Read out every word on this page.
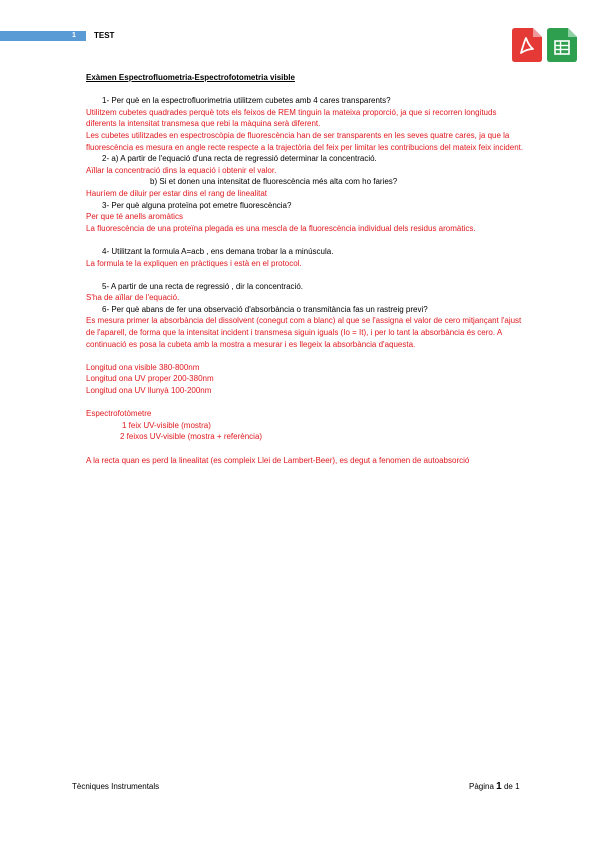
1 TEST

Exàmen Espectrofluometria-Espectrofotometria visible

1- Per què en la espectrofluorimetria utilitzem cubetes amb 4 cares transparents?

Utilitzem cubetes quadrades perquè tots els feixos de REM tinguin la mateixa proporció, ja que si recorren longituds diferents la intensitat transmesa que rebi la màquina serà diferent.

Les cubetes utilitzades en espectroscòpia de fluorescència han de ser transparents en les seves quatre cares, ja que la fluorescència es mesura en angle recte respecte a la trajectòria del feix per limitar les contribucions del mateix feix incident.

2- a) A partir de l'equació d'una recta de regressió determinar la concentració.

Aïllar la concentració dins la equació i obtenir el valor.

b) Si et donen una intensitat de fluorescència més alta com ho faries?

Hauríem de diluir per estar dins el rang de linealitat

3- Per què alguna proteïna pot emetre fluorescència?

Per que té anells aromàtics

La fluorescència de una proteïna plegada es una mescla de la fluorescència individual dels residus aromàtics.

4- Utilitzant la formula A=acb , ens demana trobar la a minúscula.

La formula te la expliquen en pràctiques i està en el protocol.

5- A partir de una recta de regressió , dir la concentració.

S'ha de aïllar de l'equació.

6- Per què abans de fer una observació d'absorbància o transmitància fas un rastreig previ?

Es mesura primer la absorbància del dissolvent (conegut com a blanc) al que se l'assigna el valor de cero mitjançant l'ajust de l'aparell, de forma que la intensitat incident i transmesa siguin iguals (Io = It), i per lo tant la absorbància és cero. A continuació es posa la cubeta amb la mostra a mesurar i es llegeix la absorbància d'aquesta.

Longitud ona visible 380-800nm

Longitud ona UV proper 200-380nm

Longitud ona UV llunyà 100-200nm

Espectrofotòmetre

1 feix UV-visible (mostra)

2 feixos UV-visible (mostra + referència)

A la recta quan es perd la linealitat (es compleix Llei de Lambert-Beer), es degut a fenomen de autoabsorció

Tècniques Instrumentals	Pàgina 1 de 1
